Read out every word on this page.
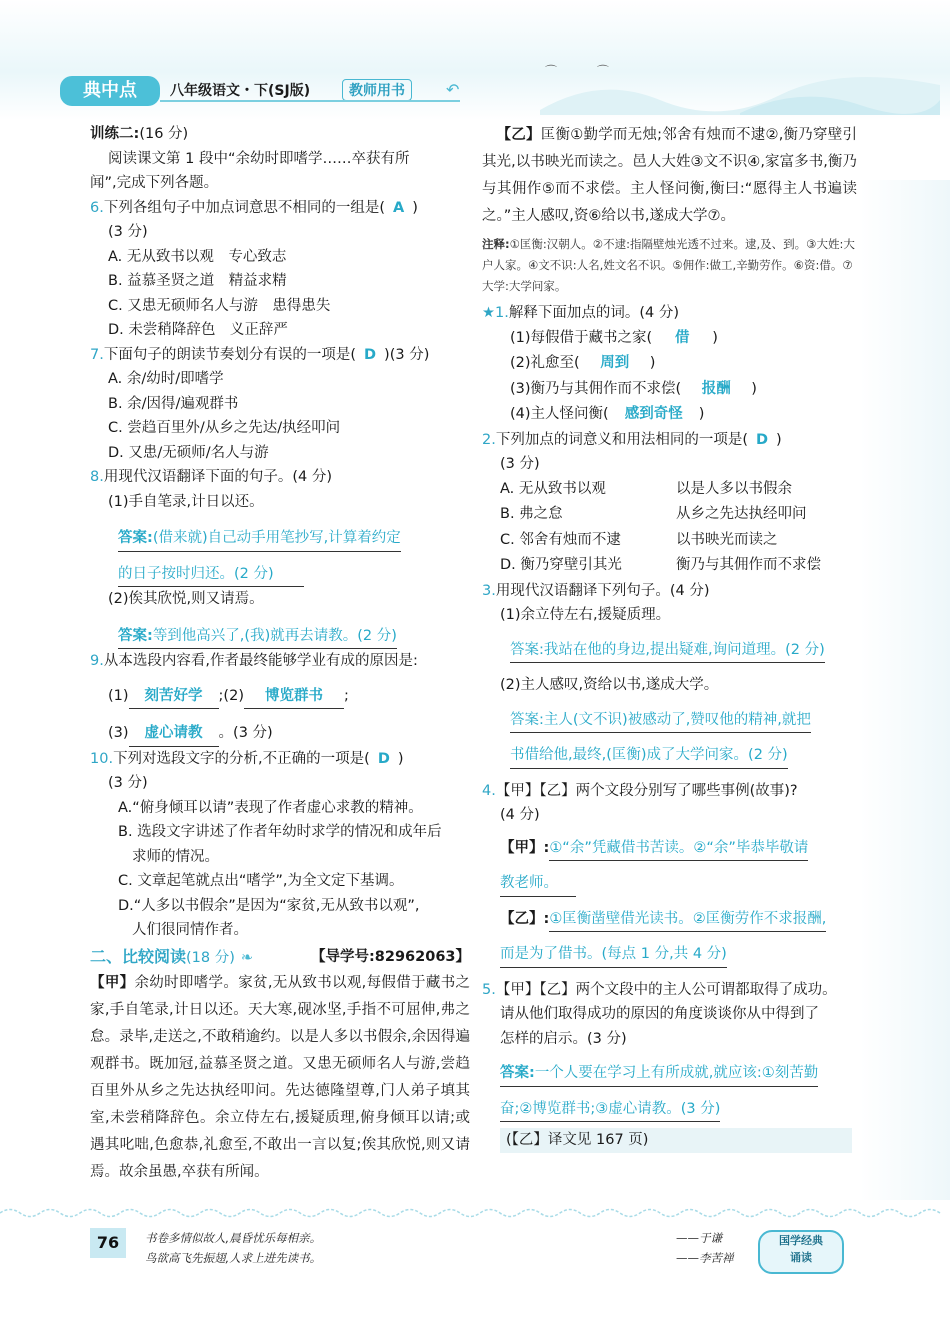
⌒ ⌒
典中点	八年级语文・下(SJ版)	教师用书	↶
训练二:(16 分)
阅读课文第 1 段中“余幼时即嗜学……卒获有所
闻”,完成下列各题。
6.下列各组句子中加点词意思不相同的一组是( A )
(3 分)
A. 无从致书以观　专心致志
B. 益慕圣贤之道　精益求精
C. 又患无硕师名人与游　患得患失
D. 未尝稍降辞色　义正辞严
7.下面句子的朗读节奏划分有误的一项是( D )(3 分)
A. 余/幼时/即嗜学
B. 余/因得/遍观群书
C. 尝趋百里外/从乡之先达/执经叩问
D. 又患/无硕师/名人与游
8.用现代汉语翻译下面的句子。(4 分)
(1)手自笔录,计日以还。
答案:(借来就)自己动手用笔抄写,计算着约定
的日子按时归还。(2 分)
(2)俟其欣悦,则又请焉。
答案:等到他高兴了,(我)就再去请教。(2 分)
9.从本选段内容看,作者最终能够学业有成的原因是:
(1) 刻苦好学 ;(2) 博览群书 ;
(3) 虚心请教 。(3 分)
10.下列对选段文字的分析,不正确的一项是( D )
(3 分)
A.“俯身倾耳以请”表现了作者虚心求教的精神。
B. 选段文字讲述了作者年幼时求学的情况和成年后
求师的情况。
C. 文章起笔就点出“嗜学”,为全文定下基调。
D.“人多以书假余”是因为“家贫,无从致书以观”,
人们很同情作者。
二、比较阅读(18 分) ❧	【导学号:82962063】
【甲】余幼时即嗜学。家贫,无从致书以观,每假借于藏书之家,手自笔录,计日以还。天大寒,砚冰坚,手指不可屈伸,弗之怠。录毕,走送之,不敢稍逾约。以是人多以书假余,余因得遍观群书。既加冠,益慕圣贤之道。又患无硕师名人与游,尝趋百里外从乡之先达执经叩问。先达德隆望尊,门人弟子填其室,未尝稍降辞色。余立侍左右,援疑质理,俯身倾耳以请;或遇其叱咄,色愈恭,礼愈至,不敢出一言以复;俟其欣悦,则又请焉。故余虽愚,卒获有所闻。
【乙】匡衡①勤学而无烛;邻舍有烛而不逮②,衡乃穿壁引其光,以书映光而读之。邑人大姓③文不识④,家富多书,衡乃与其佣作⑤而不求偿。主人怪问衡,衡曰:“愿得主人书遍读之。”主人感叹,资⑥给以书,遂成大学⑦。
注释:①匡衡:汉朝人。②不逮:指隔壁烛光透不过来。逮,及、到。③大姓:大户人家。④文不识:人名,姓文名不识。⑤佣作:做工,辛勤劳作。⑥资:借。⑦大学:大学问家。
★1.解释下面加点的词。(4 分)
(1)每假借于藏书之家( 借 )
(2)礼愈至( 周到 )
(3)衡乃与其佣作而不求偿( 报酬 )
(4)主人怪问衡( 感到奇怪 )
2.下列加点的词意义和用法相同的一项是( D )
(3 分)
A. 无从致书以观	以是人多以书假余
B. 弗之怠	从乡之先达执经叩问
C. 邻舍有烛而不逮	以书映光而读之
D. 衡乃穿壁引其光	衡乃与其佣作而不求偿
3.用现代汉语翻译下列句子。(4 分)
(1)余立侍左右,援疑质理。
答案:我站在他的身边,提出疑难,询问道理。(2 分)
(2)主人感叹,资给以书,遂成大学。
答案:主人(文不识)被感动了,赞叹他的精神,就把
书借给他,最终,(匡衡)成了大学问家。(2 分)
4.【甲】【乙】两个文段分别写了哪些事例(故事)?
(4 分)
【甲】:①“余”凭藏借书苦读。②“余”毕恭毕敬请
教老师。
【乙】:①匡衡凿壁借光读书。②匡衡劳作不求报酬,
而是为了借书。(每点 1 分,共 4 分)
5.【甲】【乙】两个文段中的主人公可谓都取得了成功。
请从他们取得成功的原因的角度谈谈你从中得到了
怎样的启示。(3 分)
答案:一个人要在学习上有所成就,就应该:①刻苦勤
奋;②博览群书;③虚心请教。(3 分)
(【乙】译文见 167 页)
76	书卷多情似故人,晨昏忧乐每相亲。
鸟欲高飞先振翅,人求上进先读书。
——于谦
——李苦禅
国学经典
诵读
